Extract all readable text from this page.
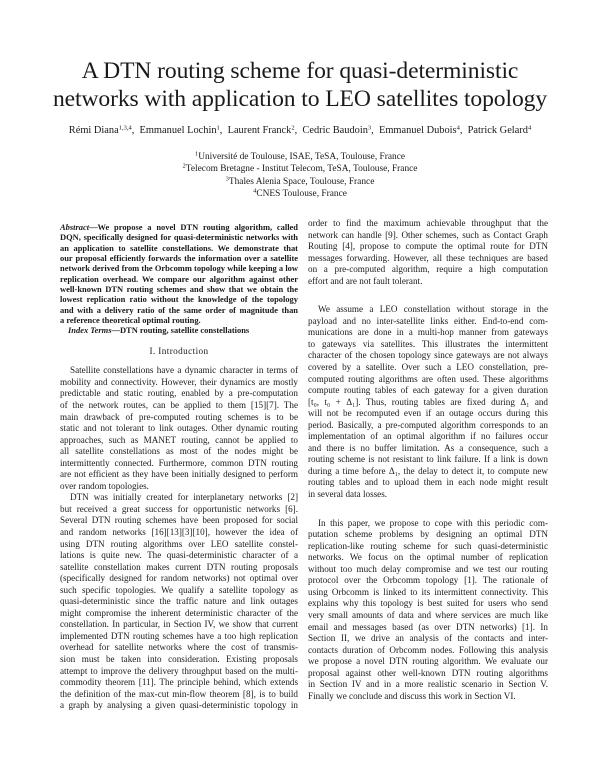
A DTN routing scheme for quasi-deterministic
networks with application to LEO satellites topology
Rémi Diana$^{1,3,4}$,  Emmanuel Lochin$^1$,  Laurent Franck$^2$,  Cedric Baudoin$^3$,  Emmanuel Dubois$^4$,  Patrick Gelard$^4$
$^1$Université de Toulouse, ISAE, TeSA, Toulouse, France
$^2$Telecom Bretagne - Institut Telecom, TeSA, Toulouse, France
$^3$Thales Alenia Space, Toulouse, France
$^4$CNES Toulouse, France
Abstract—We propose a novel DTN routing algorithm, called
DQN, specifically designed for quasi-deterministic networks with
an application to satellite constellations. We demonstrate that
our proposal efficiently forwards the information over a satellite
network derived from the Orbcomm topology while keeping a low
replication overhead. We compare our algorithm against other
well-known DTN routing schemes and show that we obtain the
lowest replication ratio without the knowledge of the topology
and with a delivery ratio of the same order of magnitude than
a reference theoretical optimal routing.
Index Terms—DTN routing, satellite constellations
I. Introduction
Satellite constellations have a dynamic character in terms of
mobility and connectivity. However, their dynamics are mostly
predictable and static routing, enabled by a pre-computation
of the network routes, can be applied to them [15][7]. The
main drawback of pre-computed routing schemes is to be
static and not tolerant to link outages. Other dynamic routing
approaches, such as MANET routing, cannot be applied to
all satellite constellations as most of the nodes might be
intermittently connected. Furthermore, common DTN routing
are not efficient as they have been initially designed to perform
over random topologies.
DTN was initially created for interplanetary networks [2]
but received a great success for opportunistic networks [6].
Several DTN routing schemes have been proposed for social
and random networks [16][13][3][10], however the idea of
using DTN routing algorithms over LEO satellite constel-
lations is quite new. The quasi-deterministic character of a
satellite constellation makes current DTN routing proposals
(specifically designed for random networks) not optimal over
such specific topologies. We qualify a satellite topology as
quasi-deterministic since the traffic nature and link outages
might compromise the inherent deterministic character of the
constellation. In particular, in Section IV, we show that current
implemented DTN routing schemes have a too high replication
overhead for satellite networks where the cost of transmis-
sion must be taken into consideration. Existing proposals
attempt to improve the delivery throughput based on the multi-
commodity theorem [11]. The principle behind, which extends
the definition of the max-cut min-flow theorem [8], is to build
a graph by analysing a given quasi-deterministic topology in
order to find the maximum achievable throughput that the
network can handle [9]. Other schemes, such as Contact Graph
Routing [4], propose to compute the optimal route for DTN
messages forwarding. However, all these techniques are based
on a pre-computed algorithm, require a high computation
effort and are not fault tolerant.
We assume a LEO constellation without storage in the
payload and no inter-satellite links either. End-to-end com-
munications are done in a multi-hop manner from gateways
to gateways via satellites. This illustrates the intermittent
character of the chosen topology since gateways are not always
covered by a satellite. Over such a LEO constellation, pre-
computed routing algorithms are often used. These algorithms
compute routing tables of each gateway for a given duration
[t₀, t₀ + Δ₁]. Thus, routing tables are fixed during Δ₁ and
will not be recomputed even if an outage occurs during this
period. Basically, a pre-computed algorithm corresponds to an
implementation of an optimal algorithm if no failures occur
and there is no buffer limitation. As a consequence, such a
routing scheme is not resistant to link failure. If a link is down
during a time before Δ₁, the delay to detect it, to compute new
routing tables and to upload them in each node might result
in several data losses.
In this paper, we propose to cope with this periodic com-
putation scheme problems by designing an optimal DTN
replication-like routing scheme for such quasi-deterministic
networks. We focus on the optimal number of replication
without too much delay compromise and we test our routing
protocol over the Orbcomm topology [1]. The rationale of
using Orbcomm is linked to its intermittent connectivity. This
explains why this topology is best suited for users who send
very small amounts of data and where services are much like
email and messages based (as over DTN networks) [1]. In
Section II, we drive an analysis of the contacts and inter-
contacts duration of Orbcomm nodes. Following this analysis
we propose a novel DTN routing algorithm. We evaluate our
proposal against other well-known DTN routing algorithms
in Section IV and in a more realistic scenario in Section V.
Finally we conclude and discuss this work in Section VI.
